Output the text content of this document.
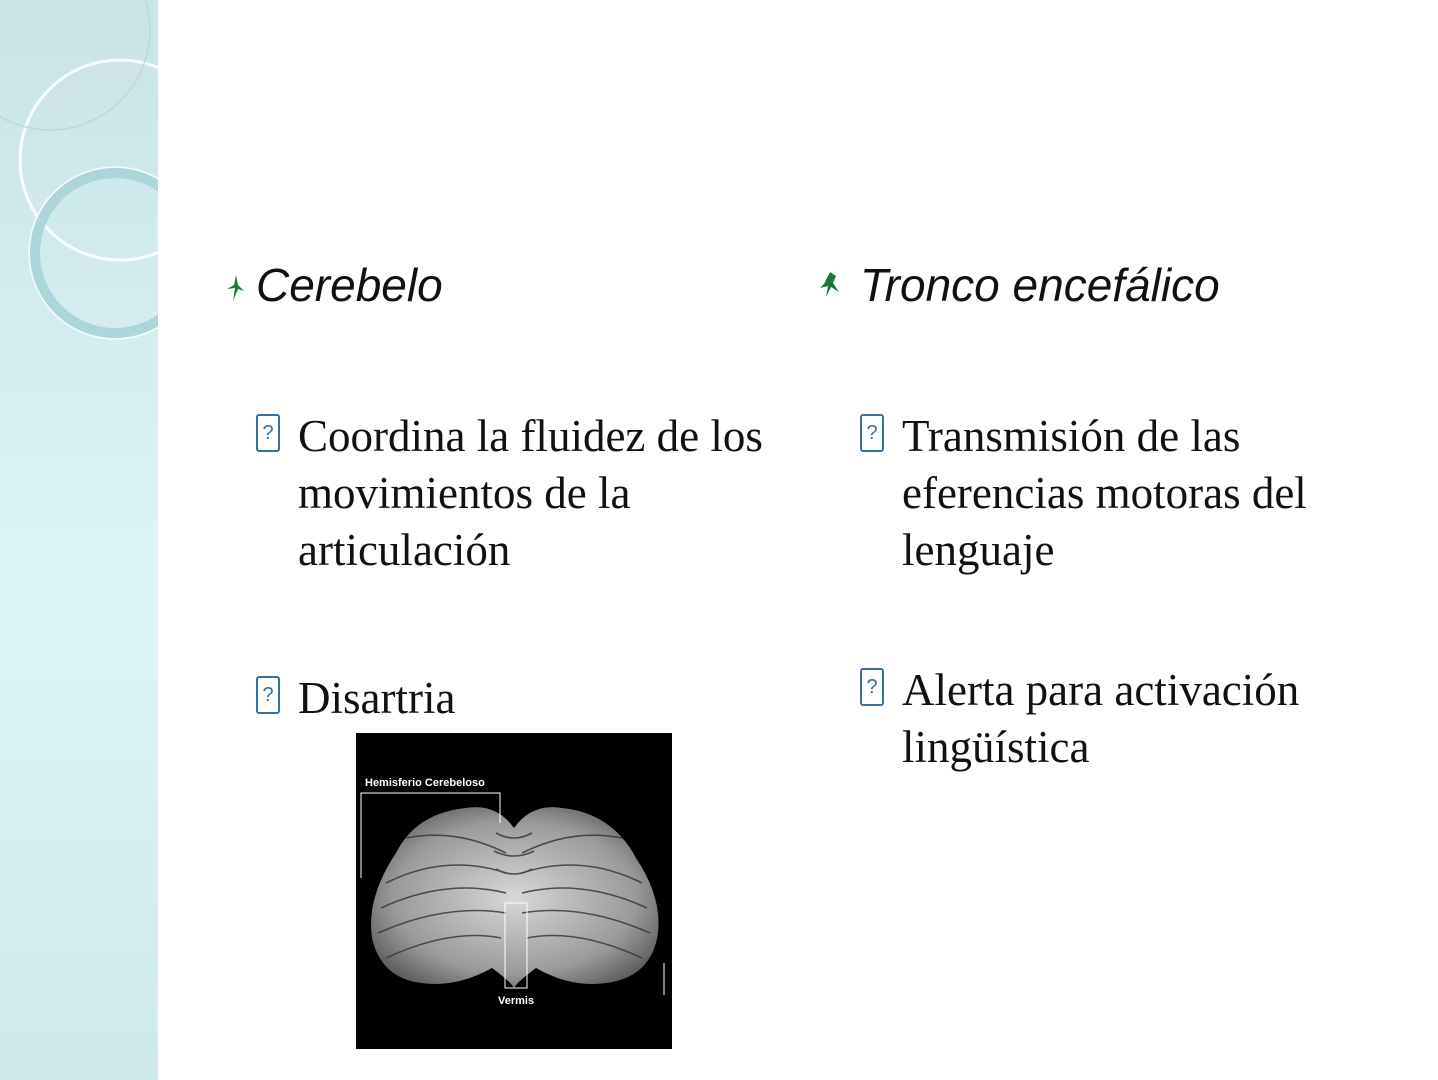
Cerebelo
? Coordina la fluidez de los movimientos de la articulación
? Disartria
Hemisferio Cerebeloso
Vermis
Tronco encefálico
? Transmisión de las eferencias motoras del lenguaje
? Alerta para activación lingüística
